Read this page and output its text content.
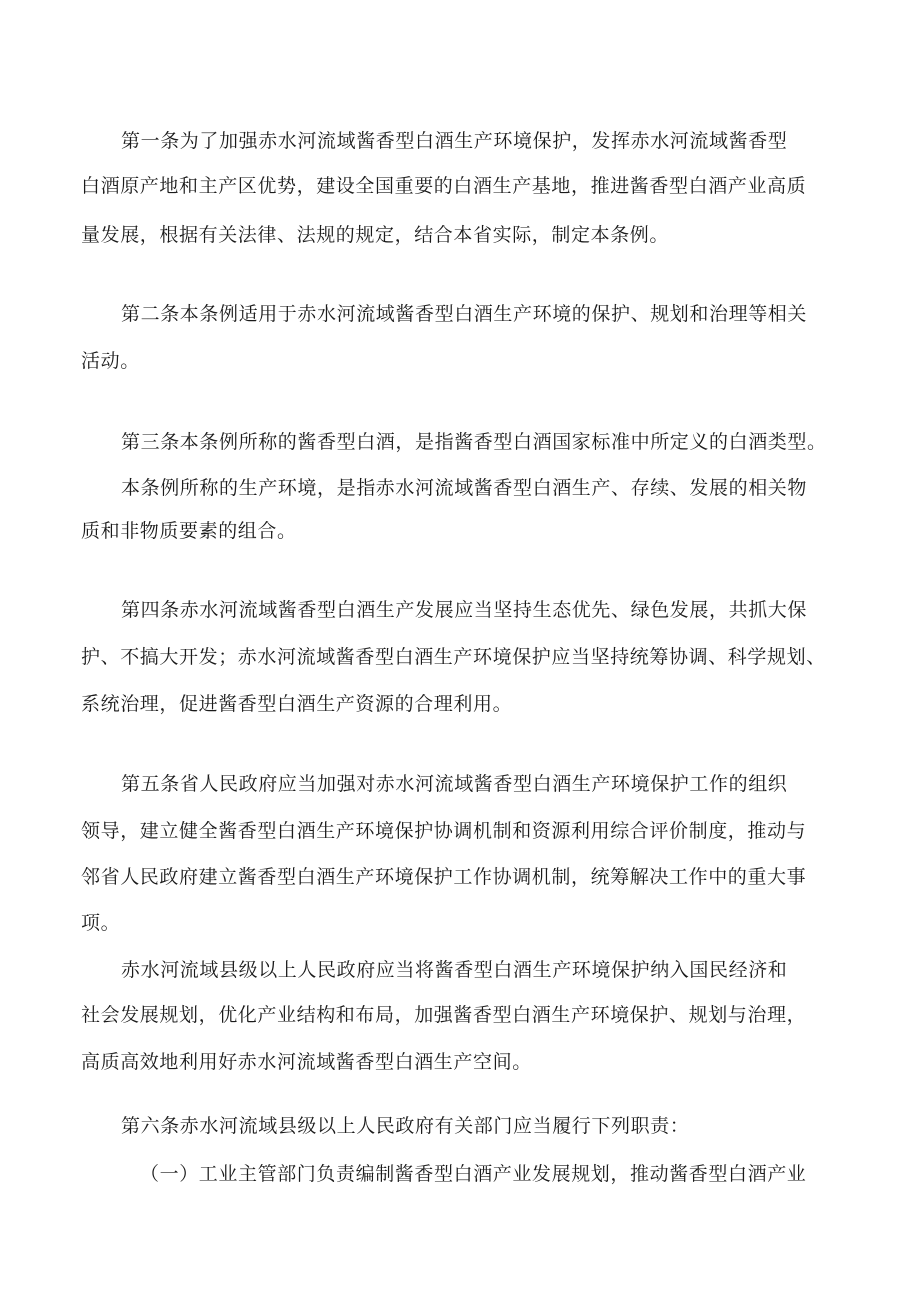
第一条为了加强赤水河流域酱香型白酒生产环境保护，发挥赤水河流域酱香型
白酒原产地和主产区优势，建设全国重要的白酒生产基地，推进酱香型白酒产业高质
量发展，根据有关法律、法规的规定，结合本省实际，制定本条例。
第二条本条例适用于赤水河流域酱香型白酒生产环境的保护、规划和治理等相关
活动。
第三条本条例所称的酱香型白酒，是指酱香型白酒国家标准中所定义的白酒类型。
本条例所称的生产环境，是指赤水河流域酱香型白酒生产、存续、发展的相关物
质和非物质要素的组合。
第四条赤水河流域酱香型白酒生产发展应当坚持生态优先、绿色发展，共抓大保
护、不搞大开发；赤水河流域酱香型白酒生产环境保护应当坚持统筹协调、科学规划、
系统治理，促进酱香型白酒生产资源的合理利用。
第五条省人民政府应当加强对赤水河流域酱香型白酒生产环境保护工作的组织
领导，建立健全酱香型白酒生产环境保护协调机制和资源利用综合评价制度，推动与
邻省人民政府建立酱香型白酒生产环境保护工作协调机制，统筹解决工作中的重大事
项。
赤水河流域县级以上人民政府应当将酱香型白酒生产环境保护纳入国民经济和
社会发展规划，优化产业结构和布局，加强酱香型白酒生产环境保护、规划与治理，
高质高效地利用好赤水河流域酱香型白酒生产空间。
第六条赤水河流域县级以上人民政府有关部门应当履行下列职责：
（一）工业主管部门负责编制酱香型白酒产业发展规划，推动酱香型白酒产业
